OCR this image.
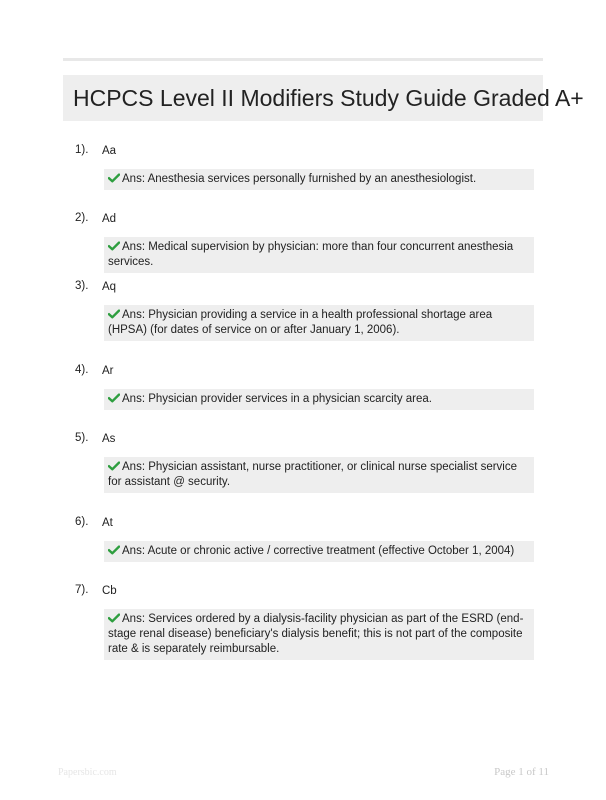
HCPCS Level II Modifiers Study Guide Graded A+
1). Aa
Ans: Anesthesia services personally furnished by an anesthesiologist.
2). Ad
Ans: Medical supervision by physician: more than four concurrent anesthesia services.
3). Aq
Ans: Physician providing a service in a health professional shortage area (HPSA) (for dates of service on or after January 1, 2006).
4). Ar
Ans: Physician provider services in a physician scarcity area.
5). As
Ans: Physician assistant, nurse practitioner, or clinical nurse specialist service for assistant @ security.
6). At
Ans: Acute or chronic active / corrective treatment (effective October 1, 2004)
7). Cb
Ans: Services ordered by a dialysis-facility physician as part of the ESRD (end-stage renal disease) beneficiary's dialysis benefit; this is not part of the composite rate & is separately reimbursable.
Papersbic.com	Page 1 of 11
